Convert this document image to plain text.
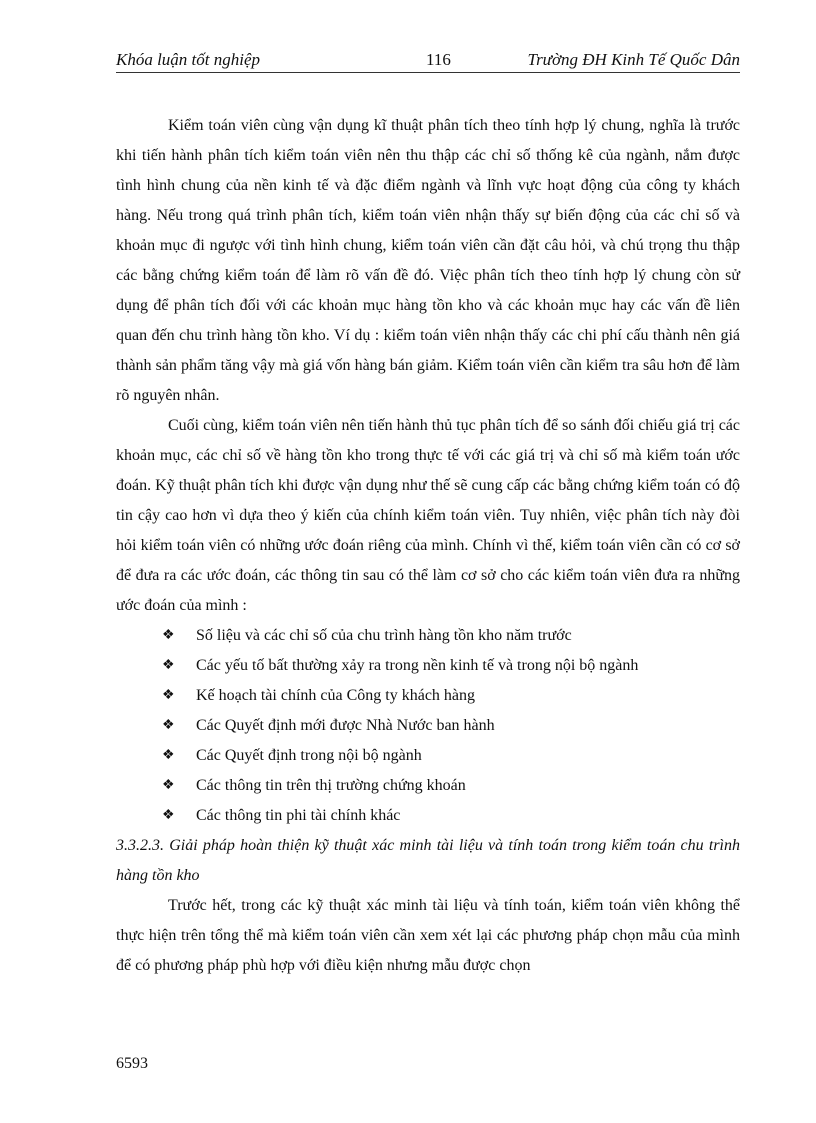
Khóa luận tốt nghiệp	116	Trường ĐH Kinh Tế Quốc Dân

Kiểm toán viên cùng vận dụng kĩ thuật phân tích theo tính hợp lý chung, nghĩa là trước khi tiến hành phân tích kiểm toán viên nên thu thập các chỉ số thống kê của ngành, nắm được tình hình chung của nền kinh tế và đặc điểm ngành và lĩnh vực hoạt động của công ty khách hàng. Nếu trong quá trình phân tích, kiểm toán viên nhận thấy sự biến động của các chỉ số và khoản mục đi ngược với tình hình chung, kiểm toán viên cần đặt câu hỏi, và chú trọng thu thập các bằng chứng kiểm toán để làm rõ vấn đề đó. Việc phân tích theo tính hợp lý chung còn sử dụng để phân tích đối với các khoản mục hàng tồn kho và các khoản mục hay các vấn đề liên quan đến chu trình hàng tồn kho. Ví dụ : kiểm toán viên nhận thấy các chi phí cấu thành nên giá thành sản phẩm tăng vậy mà giá vốn hàng bán giảm. Kiểm toán viên cần kiểm tra sâu hơn để làm rõ nguyên nhân.

Cuối cùng, kiểm toán viên nên tiến hành thủ tục phân tích để so sánh đối chiếu giá trị các khoản mục, các chỉ số về hàng tồn kho trong thực tế với các giá trị và chỉ số mà kiểm toán ước đoán. Kỹ thuật phân tích khi được vận dụng như thế sẽ cung cấp các bằng chứng kiểm toán có độ tin cậy cao hơn vì dựa theo ý kiến của chính kiểm toán viên. Tuy nhiên, việc phân tích này đòi hỏi kiểm toán viên có những ước đoán riêng của mình. Chính vì thế, kiểm toán viên cần có cơ sở để đưa ra các ước đoán, các thông tin sau có thể làm cơ sở cho các kiểm toán viên đưa ra những ước đoán của mình :

❖ Số liệu và các chỉ số của chu trình hàng tồn kho năm trước
❖ Các yếu tố bất thường xảy ra trong nền kinh tế và trong nội bộ ngành
❖ Kế hoạch tài chính của Công ty khách hàng
❖ Các Quyết định mới được Nhà Nước ban hành
❖ Các Quyết định trong nội bộ ngành
❖ Các thông tin trên thị trường chứng khoán
❖ Các thông tin phi tài chính khác

3.3.2.3. Giải pháp hoàn thiện kỹ thuật xác minh tài liệu và tính toán trong kiểm toán chu trình hàng tồn kho

Trước hết, trong các kỹ thuật xác minh tài liệu và tính toán, kiểm toán viên không thể thực hiện trên tổng thể mà kiểm toán viên cần xem xét lại các phương pháp chọn mẫu của mình để có phương pháp phù hợp với điều kiện nhưng mẫu được chọn

6593
